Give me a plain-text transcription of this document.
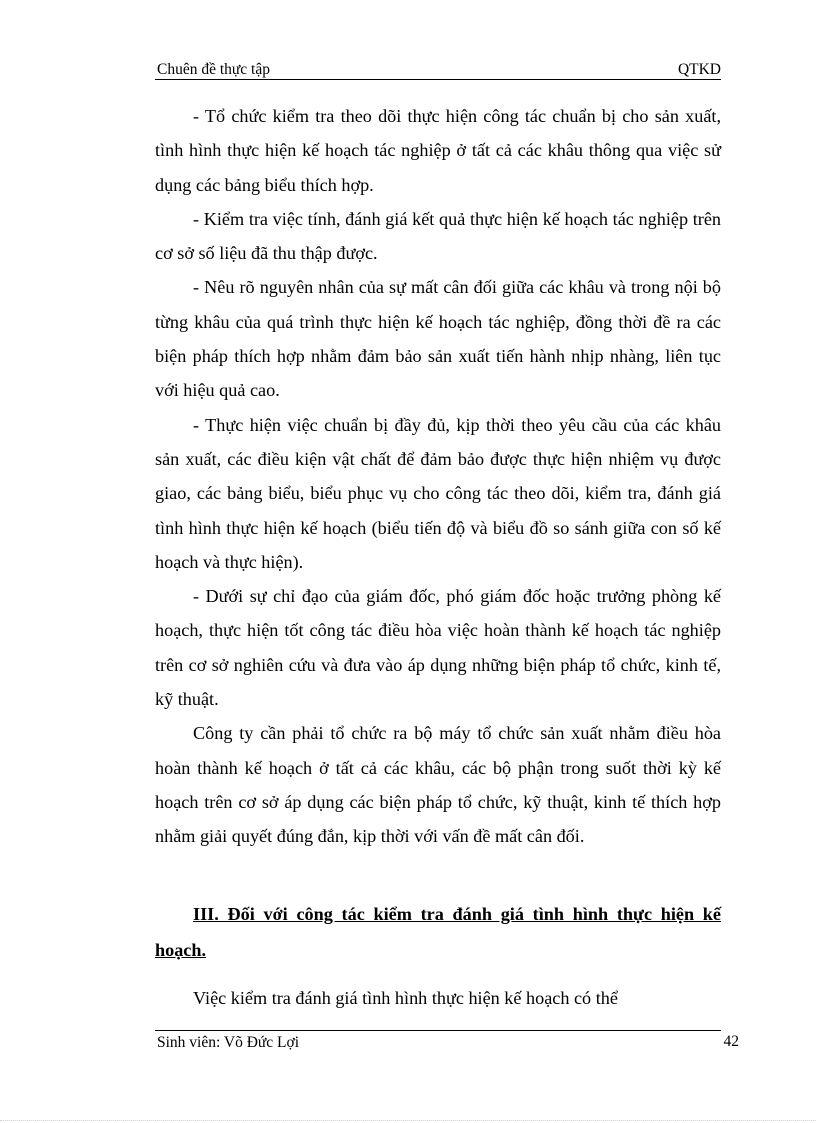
Chuên đề thực tập	QTKD

- Tổ chức kiểm tra theo dõi thực hiện công tác chuẩn bị cho sản xuất, tình hình thực hiện kế hoạch tác nghiệp ở tất cả các khâu thông qua việc sử dụng các bảng biểu thích hợp.

- Kiểm tra việc tính, đánh giá kết quả thực hiện kế hoạch tác nghiệp trên cơ sở số liệu đã thu thập được.

- Nêu rõ nguyên nhân của sự mất cân đối giữa các khâu và trong nội bộ từng khâu của quá trình thực hiện kế hoạch tác nghiệp, đồng thời đề ra các biện pháp thích hợp nhằm đảm bảo sản xuất tiến hành nhịp nhàng, liên tục với hiệu quả cao.

- Thực hiện việc chuẩn bị đầy đủ, kịp thời theo yêu cầu của các khâu sản xuất, các điều kiện vật chất để đảm bảo được thực hiện nhiệm vụ được giao, các bảng biểu, biểu phục vụ cho công tác theo dõi, kiểm tra, đánh giá tình hình thực hiện kế hoạch (biểu tiến độ và biểu đồ so sánh giữa con số kế hoạch và thực hiện).

- Dưới sự chỉ đạo của giám đốc, phó giám đốc hoặc trưởng phòng kế hoạch, thực hiện tốt công tác điều hòa việc hoàn thành kế hoạch tác nghiệp trên cơ sở nghiên cứu và đưa vào áp dụng những biện pháp tổ chức, kinh tế, kỹ thuật.

Công ty cần phải tổ chức ra bộ máy tổ chức sản xuất nhằm điều hòa hoàn thành kế hoạch ở tất cả các khâu, các bộ phận trong suốt thời kỳ kế hoạch trên cơ sở áp dụng các biện pháp tổ chức, kỹ thuật, kinh tế thích hợp nhằm giải quyết đúng đắn, kịp thời với vấn đề mất cân đối.

III. Đối với công tác kiểm tra đánh giá tình hình thực hiện kế hoạch.

Việc kiểm tra đánh giá tình hình thực hiện kế hoạch có thể

Sinh viên: Võ Đức Lợi	42
